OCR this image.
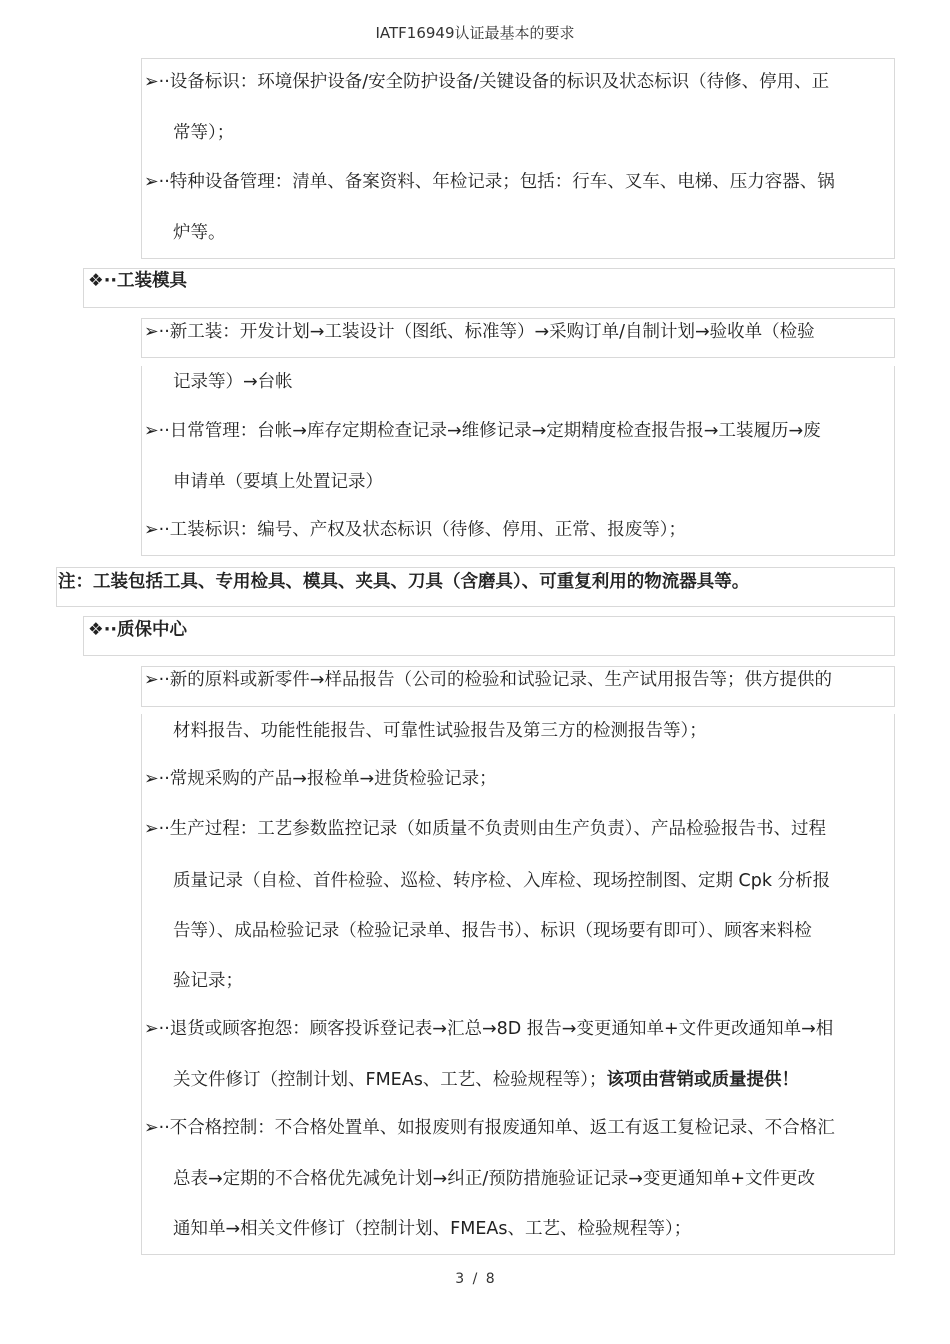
IATF16949认证最基本的要求
➢··设备标识：环境保护设备/安全防护设备/关键设备的标识及状态标识（待修、停用、正
常等）；
➢··特种设备管理：清单、备案资料、年检记录；包括：行车、叉车、电梯、压力容器、锅
炉等。
❖··工装模具
➢··新工装：开发计划→工装设计（图纸、标准等）→采购订单/自制计划→验收单（检验
记录等）→台帐
➢··日常管理：台帐→库存定期检查记录→维修记录→定期精度检查报告报→工装履历→废
申请单（要填上处置记录）
➢··工装标识：编号、产权及状态标识（待修、停用、正常、报废等）；
注：工装包括工具、专用检具、模具、夹具、刀具（含磨具）、可重复利用的物流器具等。
❖··质保中心
➢··新的原料或新零件→样品报告（公司的检验和试验记录、生产试用报告等；供方提供的
材料报告、功能性能报告、可靠性试验报告及第三方的检测报告等）；
➢··常规采购的产品→报检单→进货检验记录；
➢··生产过程：工艺参数监控记录（如质量不负责则由生产负责）、产品检验报告书、过程
质量记录（自检、首件检验、巡检、转序检、入库检、现场控制图、定期 Cpk 分析报
告等）、成品检验记录（检验记录单、报告书）、标识（现场要有即可）、顾客来料检
验记录；
➢··退货或顾客抱怨：顾客投诉登记表→汇总→8D 报告→变更通知单+文件更改通知单→相
关文件修订（控制计划、FMEAs、工艺、检验规程等）；该项由营销或质量提供！
➢··不合格控制：不合格处置单、如报废则有报废通知单、返工有返工复检记录、不合格汇
总表→定期的不合格优先减免计划→纠正/预防措施验证记录→变更通知单+文件更改
通知单→相关文件修订（控制计划、FMEAs、工艺、检验规程等）；
3 / 8
